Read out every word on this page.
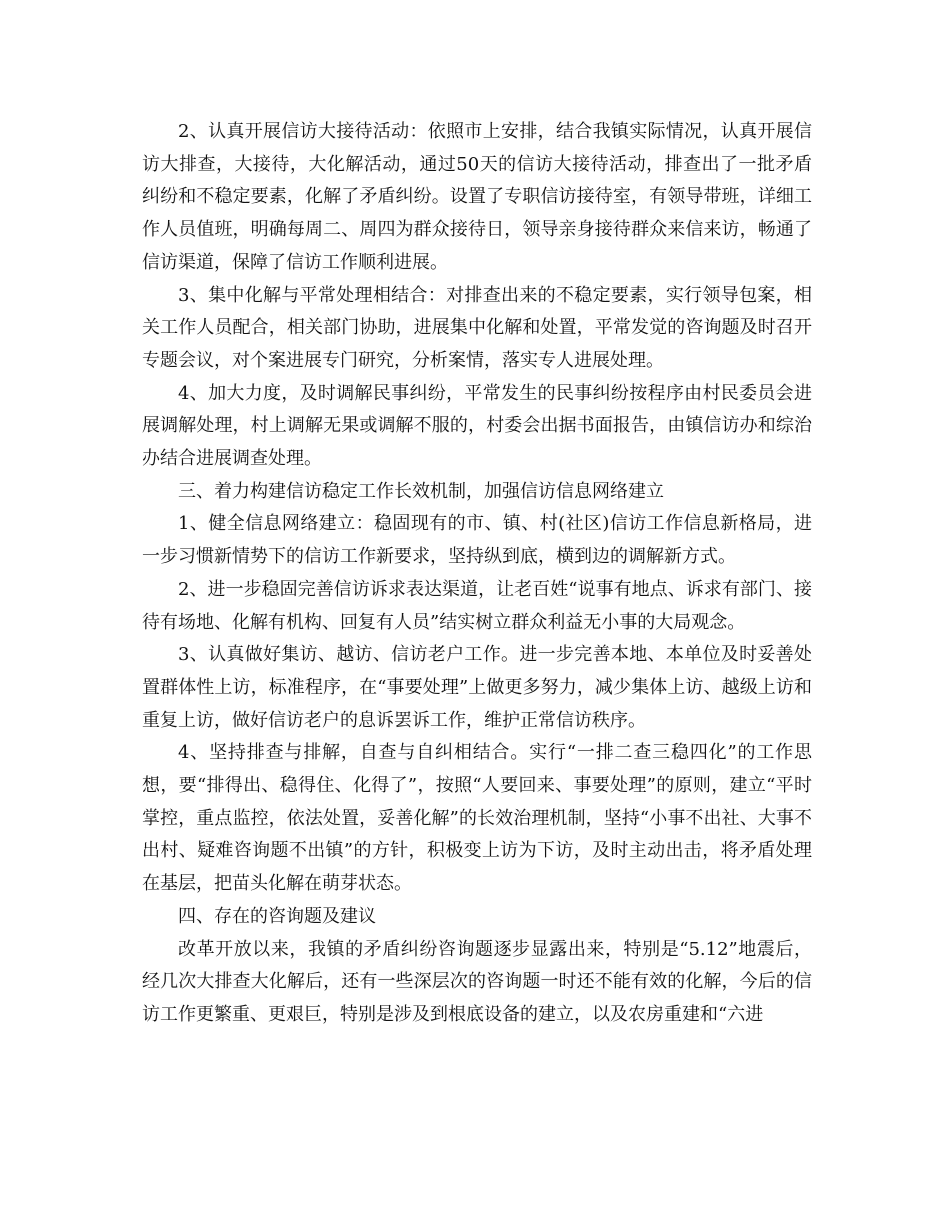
2、认真开展信访大接待活动：依照市上安排，结合我镇实际情况，认真开展信访大排查，大接待，大化解活动，通过50天的信访大接待活动，排查出了一批矛盾纠纷和不稳定要素，化解了矛盾纠纷。设置了专职信访接待室，有领导带班，详细工作人员值班，明确每周二、周四为群众接待日，领导亲身接待群众来信来访，畅通了信访渠道，保障了信访工作顺利进展。

3、集中化解与平常处理相结合：对排查出来的不稳定要素，实行领导包案，相关工作人员配合，相关部门协助，进展集中化解和处置，平常发觉的咨询题及时召开专题会议，对个案进展专门研究，分析案情，落实专人进展处理。

4、加大力度，及时调解民事纠纷，平常发生的民事纠纷按程序由村民委员会进展调解处理，村上调解无果或调解不服的，村委会出据书面报告，由镇信访办和综治办结合进展调查处理。

三、着力构建信访稳定工作长效机制，加强信访信息网络建立

1、健全信息网络建立：稳固现有的市、镇、村(社区)信访工作信息新格局，进一步习惯新情势下的信访工作新要求，坚持纵到底，横到边的调解新方式。

2、进一步稳固完善信访诉求表达渠道，让老百姓“说事有地点、诉求有部门、接待有场地、化解有机构、回复有人员”结实树立群众利益无小事的大局观念。

3、认真做好集访、越访、信访老户工作。进一步完善本地、本单位及时妥善处置群体性上访，标准程序，在“事要处理”上做更多努力，减少集体上访、越级上访和重复上访，做好信访老户的息诉罢诉工作，维护正常信访秩序。

4、坚持排查与排解，自查与自纠相结合。实行“一排二查三稳四化”的工作思想，要“排得出、稳得住、化得了”，按照“人要回来、事要处理”的原则，建立“平时掌控，重点监控，依法处置，妥善化解”的长效治理机制，坚持“小事不出社、大事不出村、疑难咨询题不出镇”的方针，积极变上访为下访，及时主动出击，将矛盾处理在基层，把苗头化解在萌芽状态。

四、存在的咨询题及建议

改革开放以来，我镇的矛盾纠纷咨询题逐步显露出来，特别是“5.12”地震后，经几次大排查大化解后，还有一些深层次的咨询题一时还不能有效的化解，今后的信访工作更繁重、更艰巨，特别是涉及到根底设备的建立，以及农房重建和“六进
